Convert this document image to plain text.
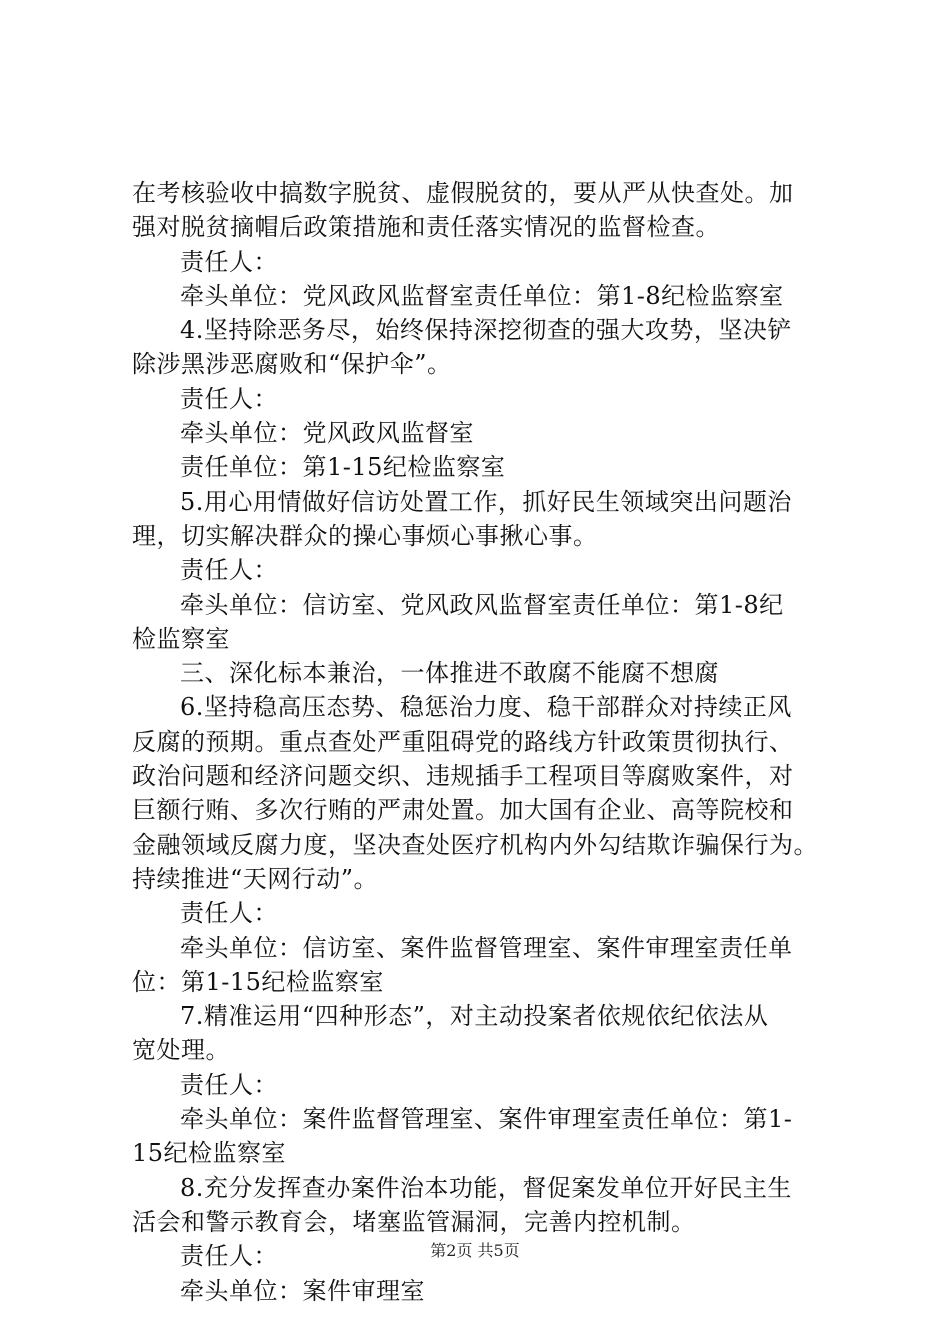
在考核验收中搞数字脱贫、虚假脱贫的，要从严从快查处。加
强对脱贫摘帽后政策措施和责任落实情况的监督检查。
责任人：
牵头单位：党风政风监督室责任单位：第1-8纪检监察室
4.坚持除恶务尽，始终保持深挖彻查的强大攻势，坚决铲
除涉黑涉恶腐败和“保护伞”。
责任人：
牵头单位：党风政风监督室
责任单位：第1-15纪检监察室
5.用心用情做好信访处置工作，抓好民生领域突出问题治
理，切实解决群众的操心事烦心事揪心事。
责任人：
牵头单位：信访室、党风政风监督室责任单位：第1-8纪
检监察室
三、深化标本兼治，一体推进不敢腐不能腐不想腐
6.坚持稳高压态势、稳惩治力度、稳干部群众对持续正风
反腐的预期。重点查处严重阻碍党的路线方针政策贯彻执行、
政治问题和经济问题交织、违规插手工程项目等腐败案件，对
巨额行贿、多次行贿的严肃处置。加大国有企业、高等院校和
金融领域反腐力度，坚决查处医疗机构内外勾结欺诈骗保行为。
持续推进“天网行动”。
责任人：
牵头单位：信访室、案件监督管理室、案件审理室责任单
位：第1-15纪检监察室
7.精准运用“四种形态”，对主动投案者依规依纪依法从
宽处理。
责任人：
牵头单位：案件监督管理室、案件审理室责任单位：第1-
15纪检监察室
8.充分发挥查办案件治本功能，督促案发单位开好民主生
活会和警示教育会，堵塞监管漏洞，完善内控机制。
责任人：
牵头单位：案件审理室
第2页 共5页
